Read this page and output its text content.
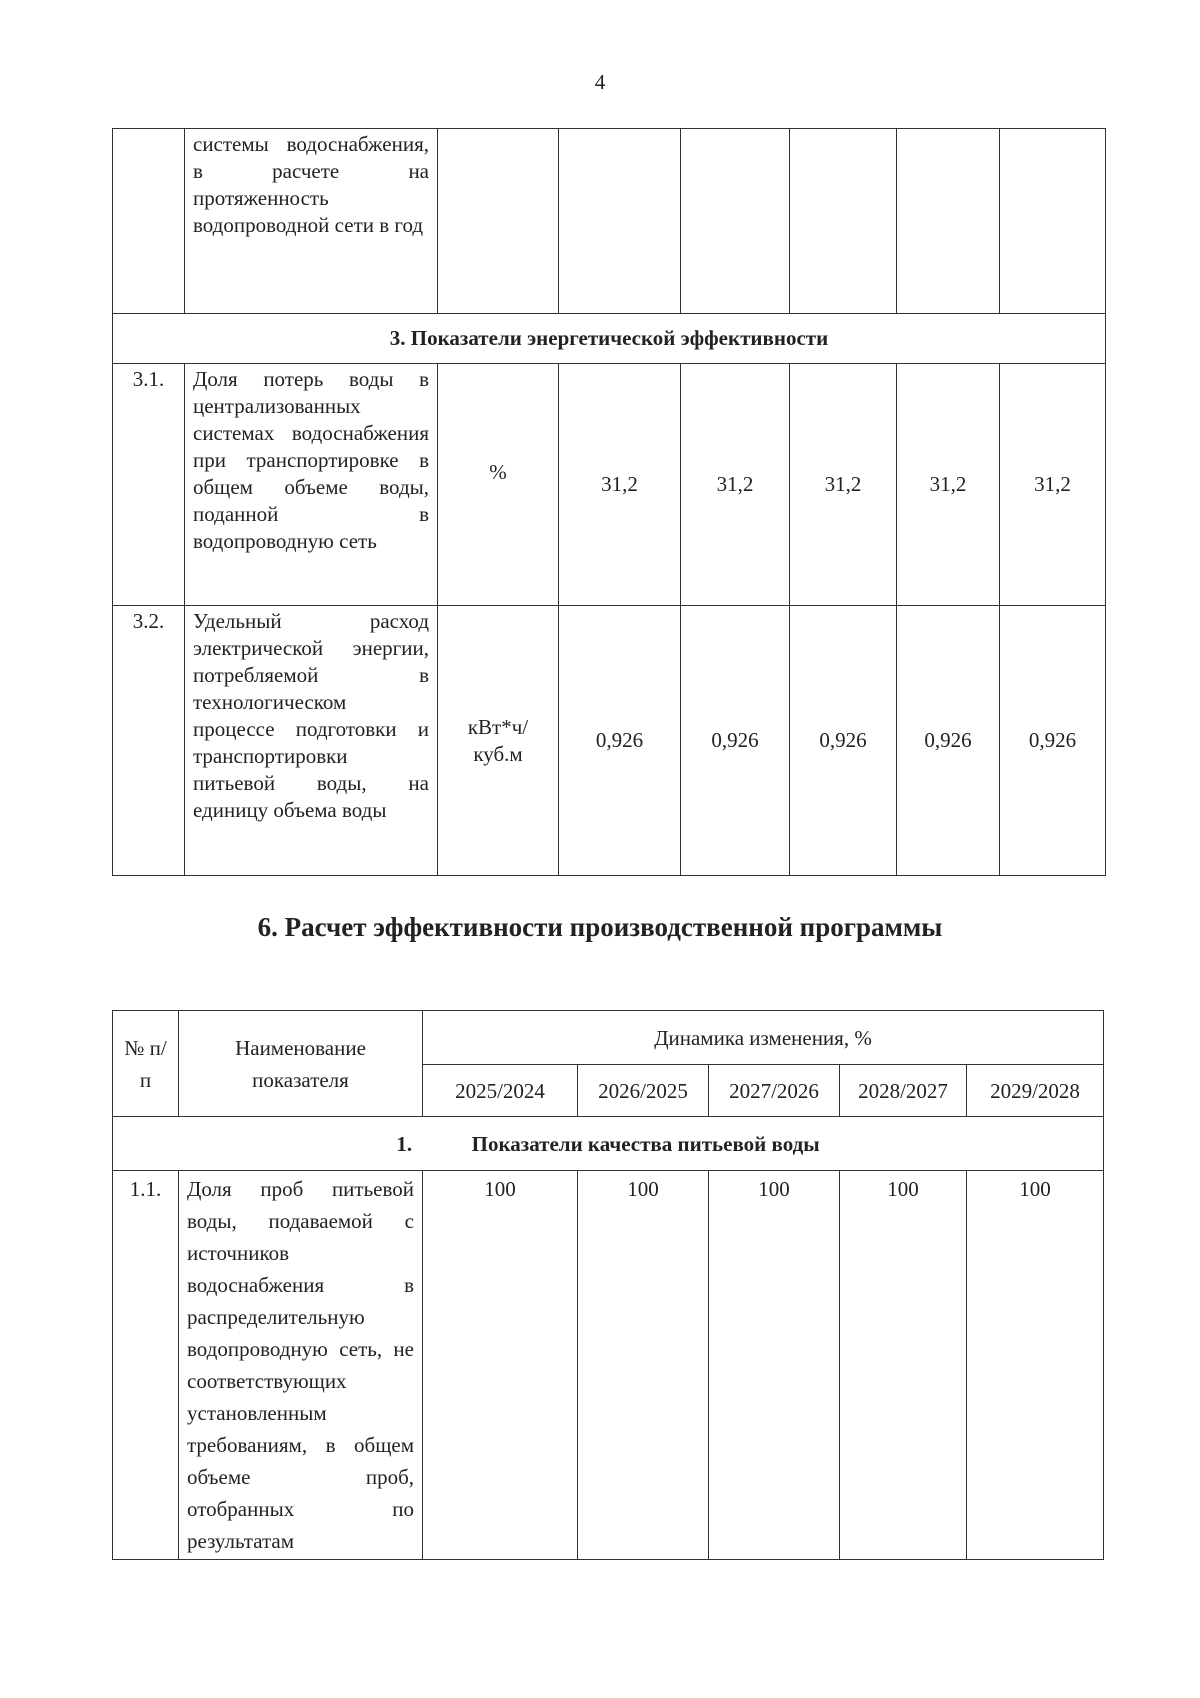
4
	системы водоснабжения, в расчете на протяженность водопроводной сети в год						
3. Показатели энергетической эффективности							
3.1.	Доля потерь воды в централизованных системах водоснабжения при транспортировке в общем объеме воды, поданной в водопроводную сеть	%	31,2	31,2	31,2	31,2	31,2
3.2.	Удельный расход электрической энергии, потребляемой в технологическом процессе подготовки и транспортировки питьевой воды, на единицу объема воды	кВт*ч/ куб.м	0,926	0,926	0,926	0,926	0,926
6. Расчет эффективности производственной программы
№ п/п	Наименование показателя	Динамика изменения, %				
		2025/2024	2026/2025	2027/2026	2028/2027	2029/2028
1. Показатели качества питьевой воды						
1.1.	Доля проб питьевой воды, подаваемой с источников водоснабжения в распределительную водопроводную сеть, не соответствующих установленным требованиям, в общем объеме проб, отобранных по результатам	100	100	100	100	100
